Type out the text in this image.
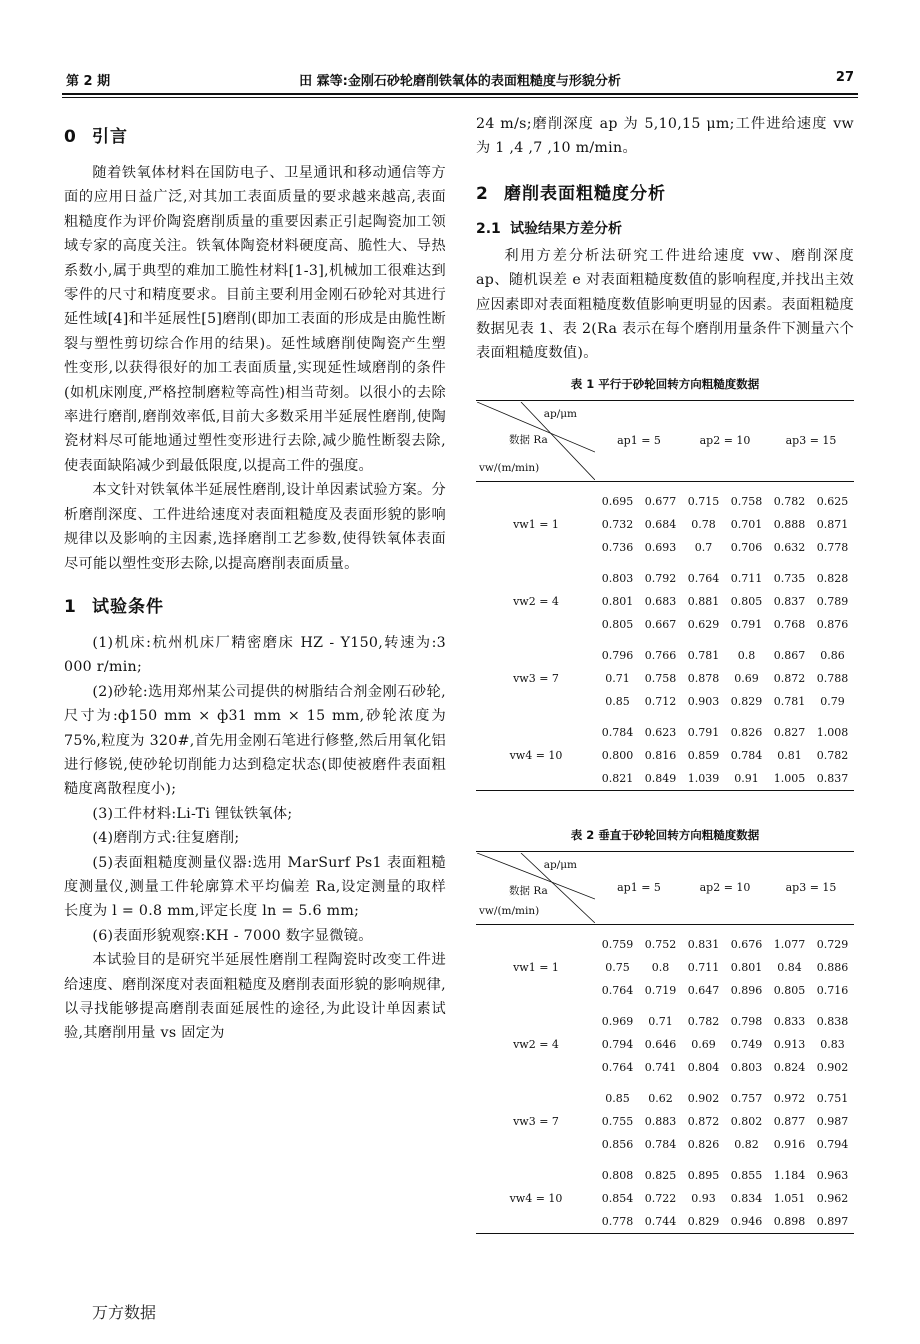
第 2 期	田 霖等:金刚石砂轮磨削铁氧体的表面粗糙度与形貌分析	27
0 引言

随着铁氧体材料在国防电子、卫星通讯和移动通信等方面的应用日益广泛,对其加工表面质量的要求越来越高,表面粗糙度作为评价陶瓷磨削质量的重要因素正引起陶瓷加工领域专家的高度关注。铁氧体陶瓷材料硬度高、脆性大、导热系数小,属于典型的难加工脆性材料[1-3],机械加工很难达到零件的尺寸和精度要求。目前主要利用金刚石砂轮对其进行延性域[4]和半延展性[5]磨削(即加工表面的形成是由脆性断裂与塑性剪切综合作用的结果)。延性域磨削使陶瓷产生塑性变形,以获得很好的加工表面质量,实现延性域磨削的条件(如机床刚度,严格控制磨粒等高性)相当苛刻。以很小的去除率进行磨削,磨削效率低,目前大多数采用半延展性磨削,使陶瓷材料尽可能地通过塑性变形进行去除,减少脆性断裂去除,使表面缺陷减少到最低限度,以提高工件的强度。

本文针对铁氧体半延展性磨削,设计单因素试验方案。分析磨削深度、工件进给速度对表面粗糙度及表面形貌的影响规律以及影响的主因素,选择磨削工艺参数,使得铁氧体表面尽可能以塑性变形去除,以提高磨削表面质量。

1 试验条件

(1)机床:杭州机床厂精密磨床 HZ - Y150,转速为:3 000 r/min;

(2)砂轮:选用郑州某公司提供的树脂结合剂金刚石砂轮,尺寸为:ф150 mm × ф31 mm × 15 mm,砂轮浓度为 75%,粒度为 320#,首先用金刚石笔进行修整,然后用氧化铝进行修锐,使砂轮切削能力达到稳定状态(即使被磨件表面粗糙度离散程度小);

(3)工件材料:Li-Ti 锂钛铁氧体;

(4)磨削方式:往复磨削;

(5)表面粗糙度测量仪器:选用 MarSurf Ps1 表面粗糙度测量仪,测量工件轮廓算术平均偏差 Ra,设定测量的取样长度为 l = 0.8 mm,评定长度 ln = 5.6 mm;

(6)表面形貌观察:KH - 7000 数字显微镜。

本试验目的是研究半延展性磨削工程陶瓷时改变工件进给速度、磨削深度对表面粗糙度及磨削表面形貌的影响规律,以寻找能够提高磨削表面延展性的途径,为此设计单因素试验,其磨削用量 vs 固定为

24 m/s;磨削深度 ap 为 5,10,15 μm;工件进给速度 vw 为 1 ,4 ,7 ,10 m/min。

2 磨削表面粗糙度分析
2.1 试验结果方差分析

利用方差分析法研究工件进给速度 vw、磨削深度 ap、随机误差 e 对表面粗糙度数值的影响程度,并找出主效应因素即对表面粗糙度数值影响更明显的因素。表面粗糙度数据见表 1、表 2(Ra 表示在每个磨削用量条件下测量六个表面粗糙度数值)。

表 1 平行于砂轮回转方向粗糙度数据
ap/μm
数据 Ra
vw/(m/min)	ap1 = 5		ap2 = 10		ap3 = 15	

	0.695	0.677	0.715	0.758	0.782	0.625
vw1 = 1	0.732	0.684	0.78	0.701	0.888	0.871
	0.736	0.693	0.7	0.706	0.632	0.778

	0.803	0.792	0.764	0.711	0.735	0.828
vw2 = 4	0.801	0.683	0.881	0.805	0.837	0.789
	0.805	0.667	0.629	0.791	0.768	0.876

	0.796	0.766	0.781	0.8	0.867	0.86
vw3 = 7	0.71	0.758	0.878	0.69	0.872	0.788
	0.85	0.712	0.903	0.829	0.781	0.79

	0.784	0.623	0.791	0.826	0.827	1.008
vw4 = 10	0.800	0.816	0.859	0.784	0.81	0.782
	0.821	0.849	1.039	0.91	1.005	0.837
表 2 垂直于砂轮回转方向粗糙度数据
ap/μm
数据 Ra
vw/(m/min)	ap1 = 5		ap2 = 10		ap3 = 15	

	0.759	0.752	0.831	0.676	1.077	0.729
vw1 = 1	0.75	0.8	0.711	0.801	0.84	0.886
	0.764	0.719	0.647	0.896	0.805	0.716

	0.969	0.71	0.782	0.798	0.833	0.838
vw2 = 4	0.794	0.646	0.69	0.749	0.913	0.83
	0.764	0.741	0.804	0.803	0.824	0.902

	0.85	0.62	0.902	0.757	0.972	0.751
vw3 = 7	0.755	0.883	0.872	0.802	0.877	0.987
	0.856	0.784	0.826	0.82	0.916	0.794

	0.808	0.825	0.895	0.855	1.184	0.963
vw4 = 10	0.854	0.722	0.93	0.834	1.051	0.962
	0.778	0.744	0.829	0.946	0.898	0.897
万方数据
